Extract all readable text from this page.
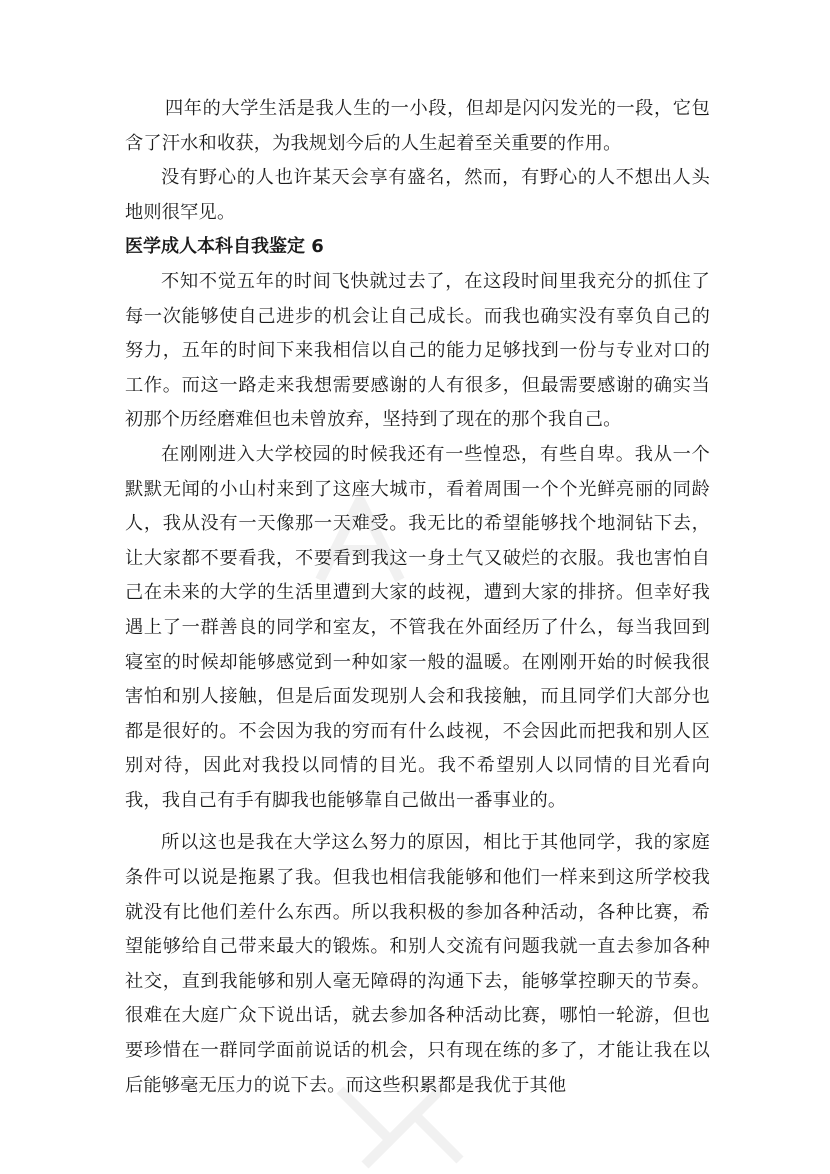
四年的大学生活是我人生的一小段，但却是闪闪发光的一段，它包含了汗水和收获，为我规划今后的人生起着至关重要的作用。

没有野心的人也许某天会享有盛名，然而，有野心的人不想出人头地则很罕见。

医学成人本科自我鉴定 6

不知不觉五年的时间飞快就过去了，在这段时间里我充分的抓住了每一次能够使自己进步的机会让自己成长。而我也确实没有辜负自己的努力，五年的时间下来我相信以自己的能力足够找到一份与专业对口的工作。而这一路走来我想需要感谢的人有很多，但最需要感谢的确实当初那个历经磨难但也未曾放弃，坚持到了现在的那个我自己。

在刚刚进入大学校园的时候我还有一些惶恐，有些自卑。我从一个默默无闻的小山村来到了这座大城市，看着周围一个个光鲜亮丽的同龄人，我从没有一天像那一天难受。我无比的希望能够找个地洞钻下去，让大家都不要看我，不要看到我这一身土气又破烂的衣服。我也害怕自己在未来的大学的生活里遭到大家的歧视，遭到大家的排挤。但幸好我遇上了一群善良的同学和室友，不管我在外面经历了什么，每当我回到寝室的时候却能够感觉到一种如家一般的温暖。在刚刚开始的时候我很害怕和别人接触，但是后面发现别人会和我接触，而且同学们大部分也都是很好的。不会因为我的穷而有什么歧视，不会因此而把我和别人区别对待，因此对我投以同情的目光。我不希望别人以同情的目光看向我，我自己有手有脚我也能够靠自己做出一番事业的。

所以这也是我在大学这么努力的原因，相比于其他同学，我的家庭条件可以说是拖累了我。但我也相信我能够和他们一样来到这所学校我就没有比他们差什么东西。所以我积极的参加各种活动，各种比赛，希望能够给自己带来最大的锻炼。和别人交流有问题我就一直去参加各种社交，直到我能够和别人毫无障碍的沟通下去，能够掌控聊天的节奏。很难在大庭广众下说出话，就去参加各种活动比赛，哪怕一轮游，但也要珍惜在一群同学面前说话的机会，只有现在练的多了，才能让我在以后能够毫无压力的说下去。而这些积累都是我优于其他
